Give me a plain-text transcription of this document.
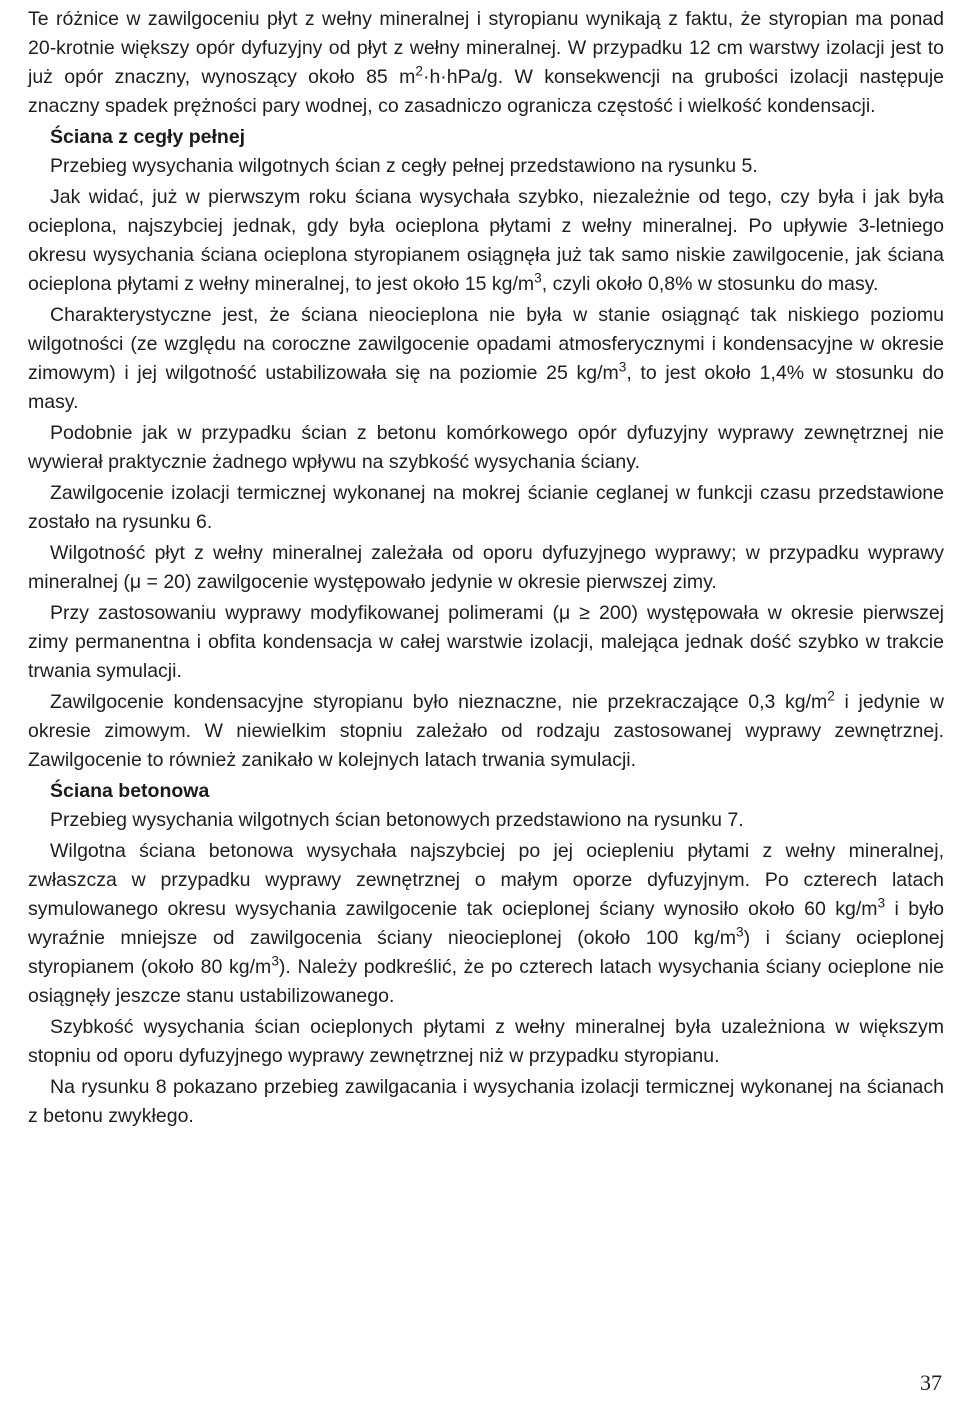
Te różnice w zawilgoceniu płyt z wełny mineralnej i styropianu wynikają z faktu, że styropian ma ponad 20-krotnie większy opór dyfuzyjny od płyt z wełny mineralnej. W przypadku 12 cm warstwy izolacji jest to już opór znaczny, wynoszący około 85 $m^2\cdot h\cdot hPa/g$. W konsekwencji na grubości izolacji następuje znaczny spadek prężności pary wodnej, co zasadniczo ogranicza częstość i wielkość kondensacji.

Ściana z cegły pełnej

Przebieg wysychania wilgotnych ścian z cegły pełnej przedstawiono na rysunku 5.

Jak widać, już w pierwszym roku ściana wysychała szybko, niezależnie od tego, czy była i jak była ocieplona, najszybciej jednak, gdy była ocieplona płytami z wełny mineralnej. Po upływie 3-letniego okresu wysychania ściana ocieplona styropianem osiągnęła już tak samo niskie zawilgocenie, jak ściana ocieplona płytami z wełny mineralnej, to jest około 15 $kg/m^3$, czyli około 0,8% w stosunku do masy.

Charakterystyczne jest, że ściana nieocieplona nie była w stanie osiągnąć tak niskiego poziomu wilgotności (ze względu na coroczne zawilgocenie opadami atmosferycznymi i kondensacyjne w okresie zimowym) i jej wilgotność ustabilizowała się na poziomie 25 $kg/m^3$, to jest około 1,4% w stosunku do masy.

Podobnie jak w przypadku ścian z betonu komórkowego opór dyfuzyjny wyprawy zewnętrznej nie wywierał praktycznie żadnego wpływu na szybkość wysychania ściany.

Zawilgocenie izolacji termicznej wykonanej na mokrej ścianie ceglanej w funkcji czasu przedstawione zostało na rysunku 6.

Wilgotność płyt z wełny mineralnej zależała od oporu dyfuzyjnego wyprawy; w przypadku wyprawy mineralnej (μ = 20) zawilgocenie występowało jedynie w okresie pierwszej zimy.

Przy zastosowaniu wyprawy modyfikowanej polimerami (μ ≥ 200) występowała w okresie pierwszej zimy permanentna i obfita kondensacja w całej warstwie izolacji, malejąca jednak dość szybko w trakcie trwania symulacji.

Zawilgocenie kondensacyjne styropianu było nieznaczne, nie przekraczające 0,3 $kg/m^2$ i jedynie w okresie zimowym. W niewielkim stopniu zależało od rodzaju zastosowanej wyprawy zewnętrznej. Zawilgocenie to również zanikało w kolejnych latach trwania symulacji.

Ściana betonowa

Przebieg wysychania wilgotnych ścian betonowych przedstawiono na rysunku 7.

Wilgotna ściana betonowa wysychała najszybciej po jej ociepleniu płytami z wełny mineralnej, zwłaszcza w przypadku wyprawy zewnętrznej o małym oporze dyfuzyjnym. Po czterech latach symulowanego okresu wysychania zawilgocenie tak ocieplonej ściany wynosiło około 60 $kg/m^3$ i było wyraźnie mniejsze od zawilgocenia ściany nieocieplonej (około 100 $kg/m^3$) i ściany ocieplonej styropianem (około 80 $kg/m^3$). Należy podkreślić, że po czterech latach wysychania ściany ocieplone nie osiągnęły jeszcze stanu ustabilizowanego.

Szybkość wysychania ścian ocieplonych płytami z wełny mineralnej była uzależniona w większym stopniu od oporu dyfuzyjnego wyprawy zewnętrznej niż w przypadku styropianu.

Na rysunku 8 pokazano przebieg zawilgacania i wysychania izolacji termicznej wykonanej na ścianach z betonu zwykłego.

37
